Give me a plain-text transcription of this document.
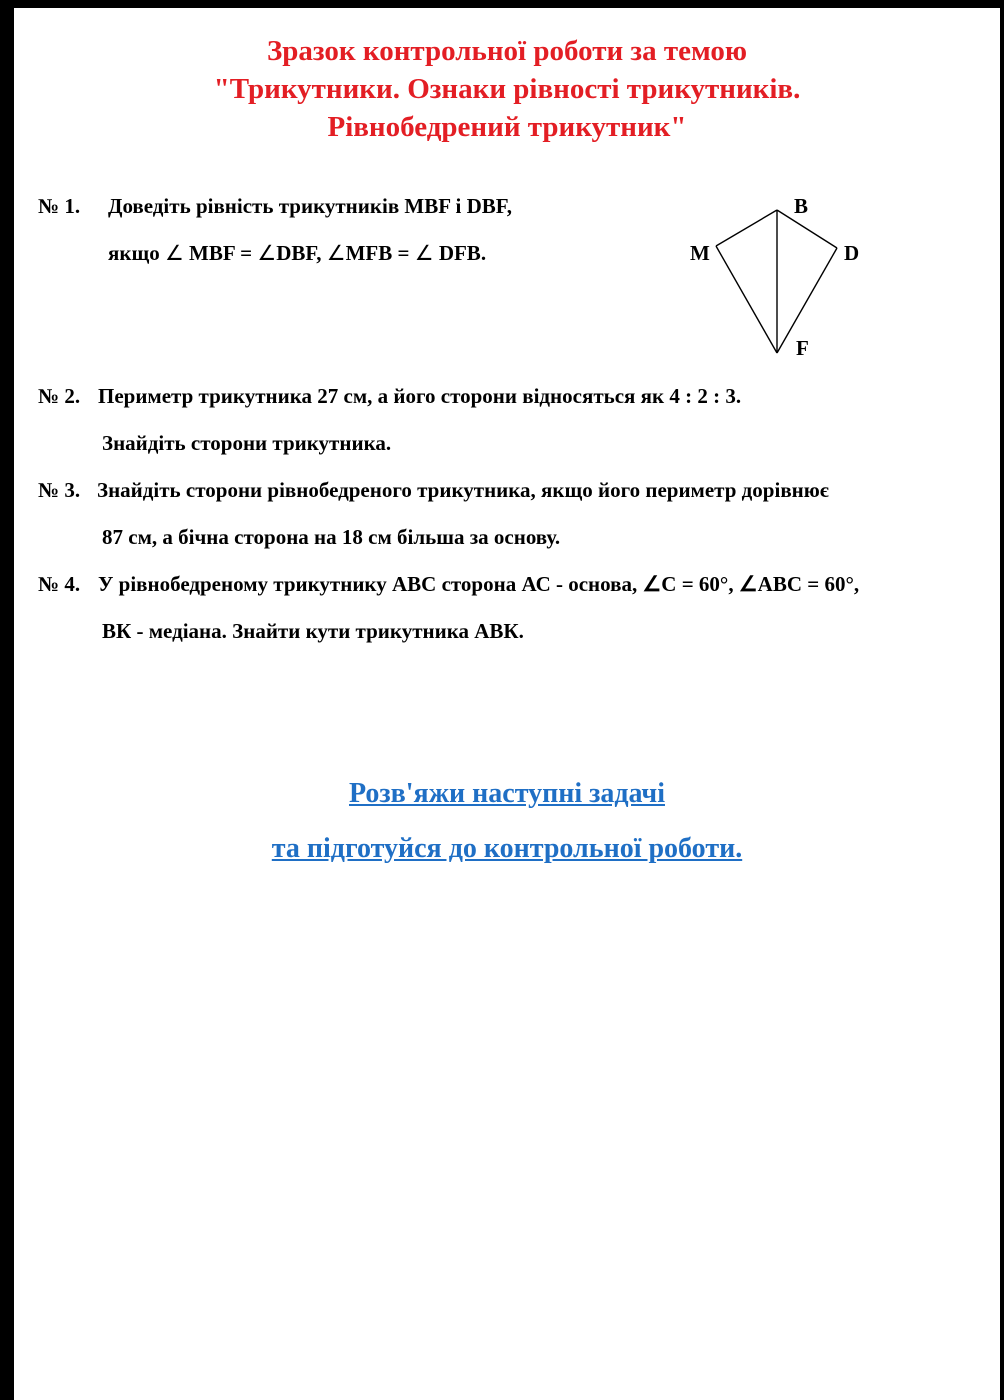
Зразок контрольної роботи за темою
"Трикутники. Ознаки рівності трикутників.
Рівнобедрений трикутник"
№ 1. Доведіть рівність трикутників MBF і DBF,
якщо ∠ MBF = ∠DBF, ∠MFB = ∠ DFB.
B
M	D
F
№ 2. Периметр трикутника 27 см, а його сторони відносяться як 4 : 2 : 3.
Знайдіть сторони трикутника.
№ 3. Знайдіть сторони рівнобедреного трикутника, якщо його периметр дорівнює
87 см, а бічна сторона на 18 см більша за основу.
№ 4. У рівнобедреному трикутнику АВС сторона АС - основа, ∠С = 60°, ∠АВС = 60°,
ВК - медіана. Знайти кути трикутника АВК.
Розв'яжи наступні задачі
та підготуйся до контрольної роботи.
